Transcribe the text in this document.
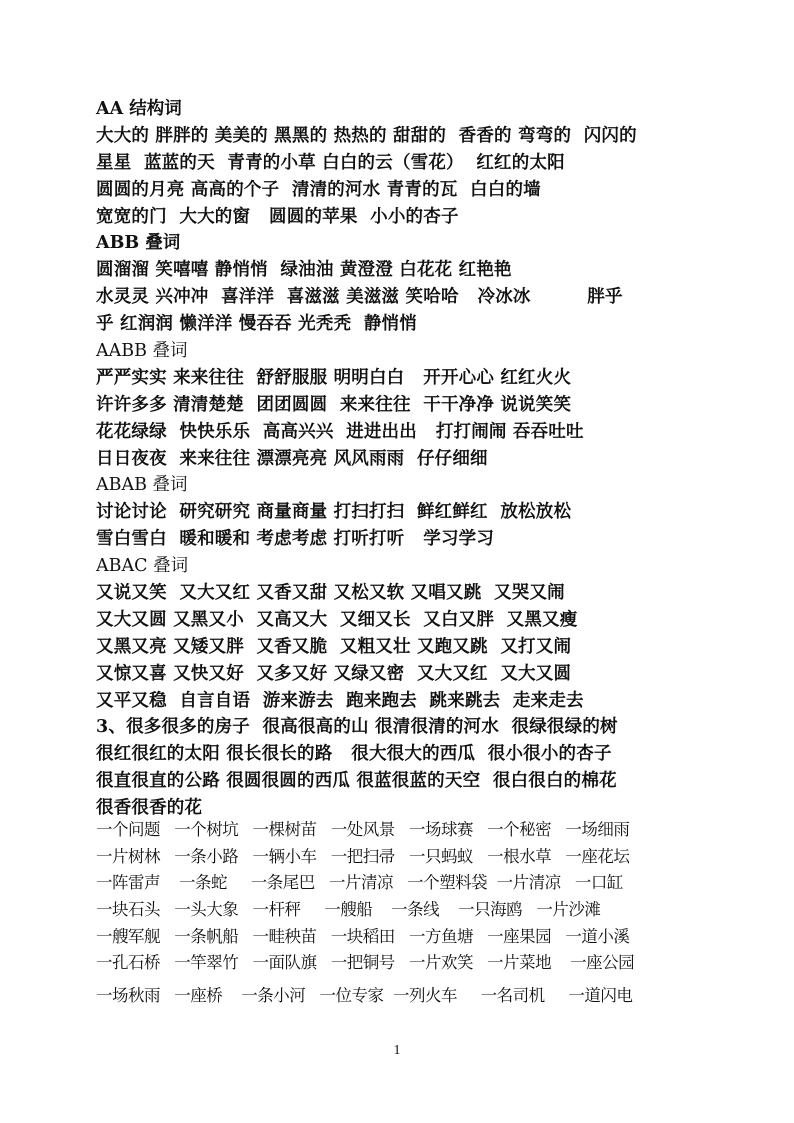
AA 结构词
大大的 胖胖的 美美的 黑黑的 热热的 甜甜的  香香的 弯弯的  闪闪的
星星  蓝蓝的天  青青的小草 白白的云（雪花）  红红的太阳
圆圆的月亮 高高的个子  清清的河水 青青的瓦  白白的墙
宽宽的门  大大的窗   圆圆的苹果  小小的杏子
ABB 叠词
圆溜溜 笑嘻嘻 静悄悄  绿油油 黄澄澄 白花花 红艳艳
水灵灵 兴冲冲  喜洋洋  喜滋滋 美滋滋 笑哈哈   冷冰冰         胖乎
乎 红润润 懒洋洋 慢吞吞 光秃秃  静悄悄
AABB 叠词
严严实实 来来往往  舒舒服服 明明白白   开开心心 红红火火
许许多多 清清楚楚  团团圆圆  来来往往  干干净净 说说笑笑
花花绿绿  快快乐乐  高高兴兴  进进出出   打打闹闹 吞吞吐吐
日日夜夜  来来往往 漂漂亮亮 风风雨雨  仔仔细细
ABAB 叠词
讨论讨论  研究研究 商量商量 打扫打扫  鲜红鲜红  放松放松
雪白雪白  暖和暖和 考虑考虑 打听打听   学习学习
ABAC 叠词
又说又笑  又大又红 又香又甜 又松又软 又唱又跳  又哭又闹
又大又圆 又黑又小  又高又大  又细又长  又白又胖  又黑又瘦
又黑又亮 又矮又胖  又香又脆  又粗又壮 又跑又跳  又打又闹
又惊又喜 又快又好  又多又好 又绿又密  又大又红  又大又圆
又平又稳  自言自语  游来游去  跑来跑去  跳来跳去  走来走去
3、很多很多的房子  很高很高的山 很清很清的河水  很绿很绿的树
很红很红的太阳 很长很长的路   很大很大的西瓜  很小很小的杏子
很直很直的公路 很圆很圆的西瓜 很蓝很蓝的天空  很白很白的棉花
很香很香的花
一个问题   一个树坑   一棵树苗   一处风景   一场球赛   一个秘密   一场细雨
一片树林   一条小路   一辆小车   一把扫帚   一只蚂蚁   一根水草   一座花坛
一阵雷声    一条蛇     一条尾巴   一片清凉   一个塑料袋  一片清凉   一口缸
一块石头   一头大象   一杆秤     一艘船    一条线    一只海鸥   一片沙滩
一艘军舰   一条帆船   一畦秧苗   一块稻田   一方鱼塘   一座果园   一道小溪
一孔石桥   一竿翠竹   一面队旗   一把铜号   一片欢笑   一片菜地    一座公园
一场秋雨   一座桥    一条小河   一位专家  一列火车     一名司机     一道闪电
1
